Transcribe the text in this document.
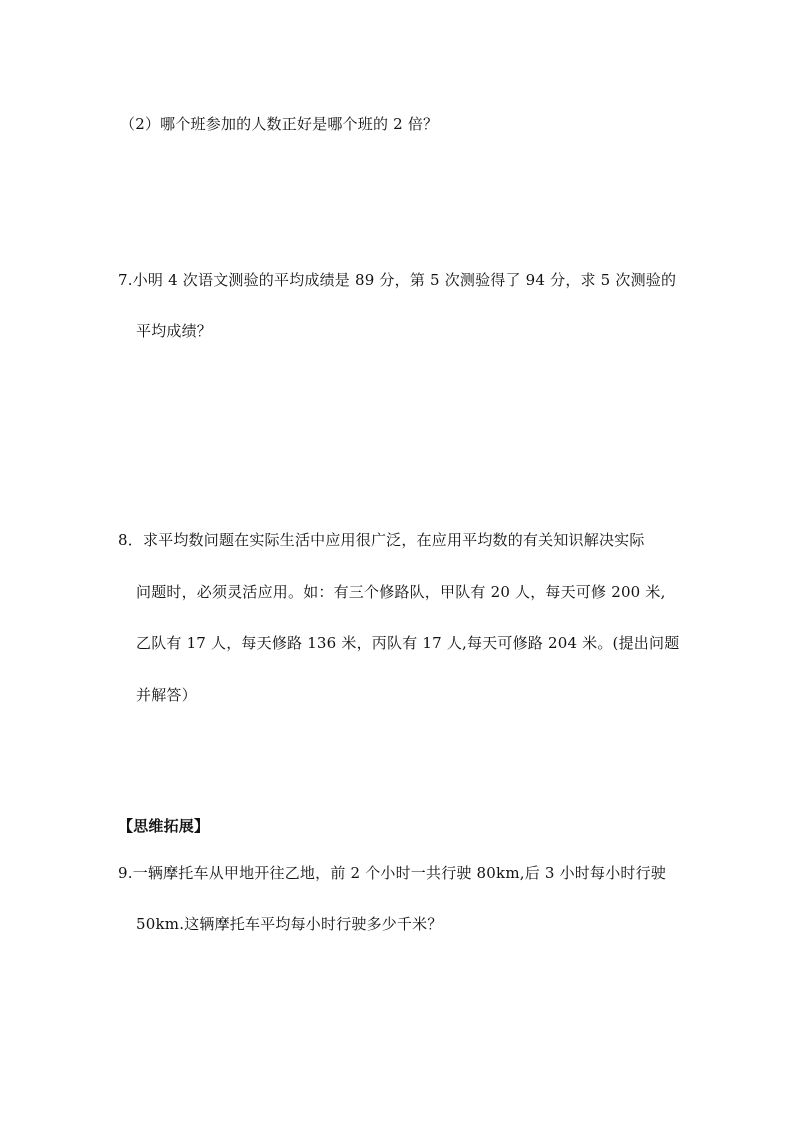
（2）哪个班参加的人数正好是哪个班的 2 倍？
7.小明 4 次语文测验的平均成绩是 89 分，第 5 次测验得了 94 分，求 5 次测验的
平均成绩？
8．求平均数问题在实际生活中应用很广泛，在应用平均数的有关知识解决实际
问题时，必须灵活应用。如：有三个修路队，甲队有 20 人，每天可修 200 米,
乙队有 17 人，每天修路 136 米，丙队有 17 人,每天可修路 204 米。(提出问题
并解答）
【思维拓展】
9.一辆摩托车从甲地开往乙地，前 2 个小时一共行驶 80km,后 3 小时每小时行驶
50km.这辆摩托车平均每小时行驶多少千米？
